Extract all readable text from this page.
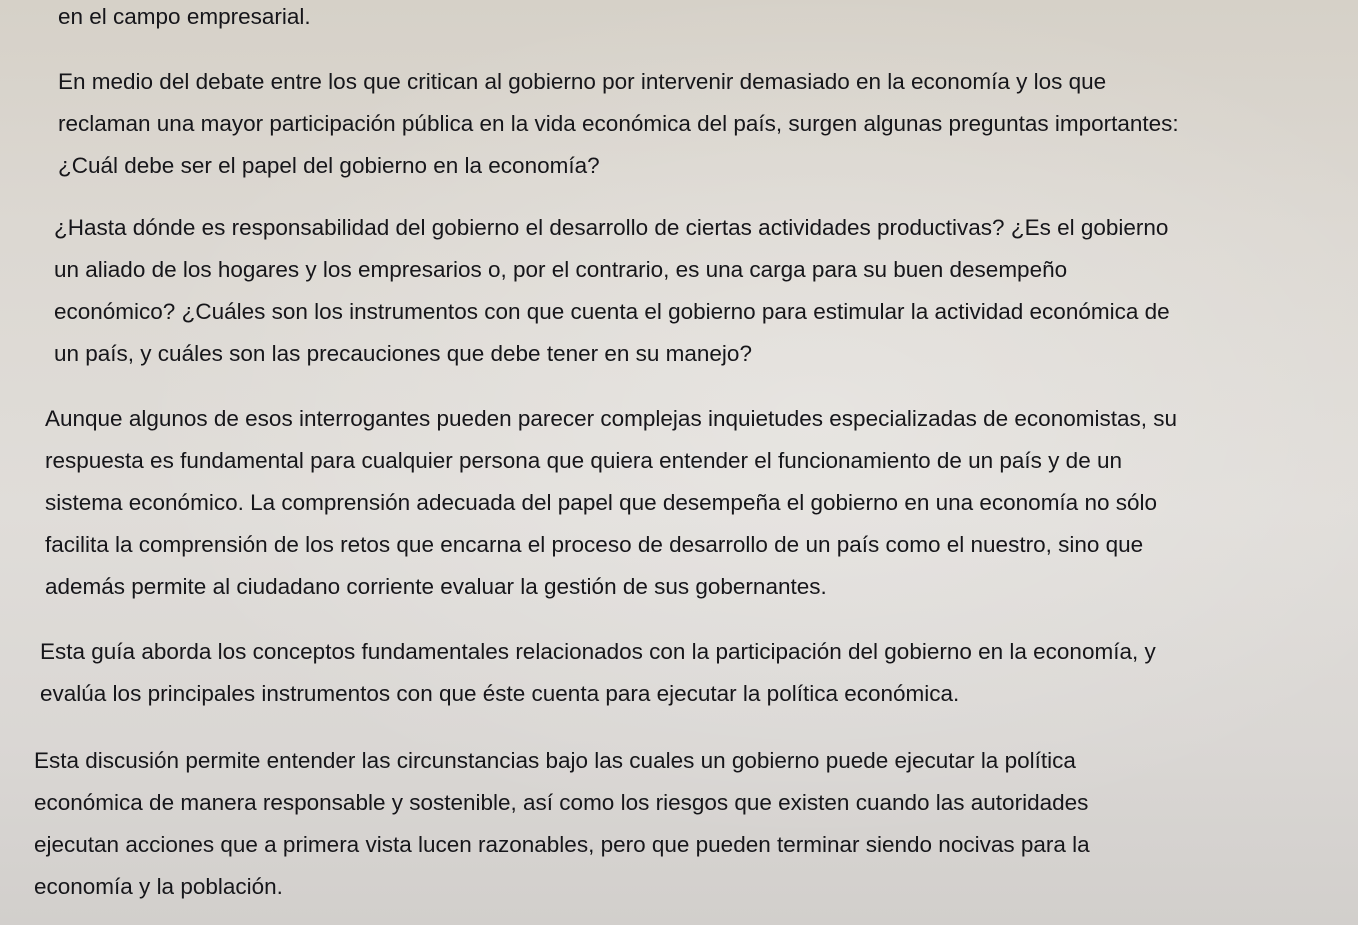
en el campo empresarial.

En medio del debate entre los que critican al gobierno por intervenir demasiado en la economía y los que
reclaman una mayor participación pública en la vida económica del país, surgen algunas preguntas importantes:
¿Cuál debe ser el papel del gobierno en la economía?

¿Hasta dónde es responsabilidad del gobierno el desarrollo de ciertas actividades productivas? ¿Es el gobierno
un aliado de los hogares y los empresarios o, por el contrario, es una carga para su buen desempeño
económico? ¿Cuáles son los instrumentos con que cuenta el gobierno para estimular la actividad económica de
un país, y cuáles son las precauciones que debe tener en su manejo?

Aunque algunos de esos interrogantes pueden parecer complejas inquietudes especializadas de economistas, su
respuesta es fundamental para cualquier persona que quiera entender el funcionamiento de un país y de un
sistema económico. La comprensión adecuada del papel que desempeña el gobierno en una economía no sólo
facilita la comprensión de los retos que encarna el proceso de desarrollo de un país como el nuestro, sino que
además permite al ciudadano corriente evaluar la gestión de sus gobernantes.

Esta guía aborda los conceptos fundamentales relacionados con la participación del gobierno en la economía, y
evalúa los principales instrumentos con que éste cuenta para ejecutar la política económica.

Esta discusión permite entender las circunstancias bajo las cuales un gobierno puede ejecutar la política
económica de manera responsable y sostenible, así como los riesgos que existen cuando las autoridades
ejecutan acciones que a primera vista lucen razonables, pero que pueden terminar siendo nocivas para la
economía y la población.
